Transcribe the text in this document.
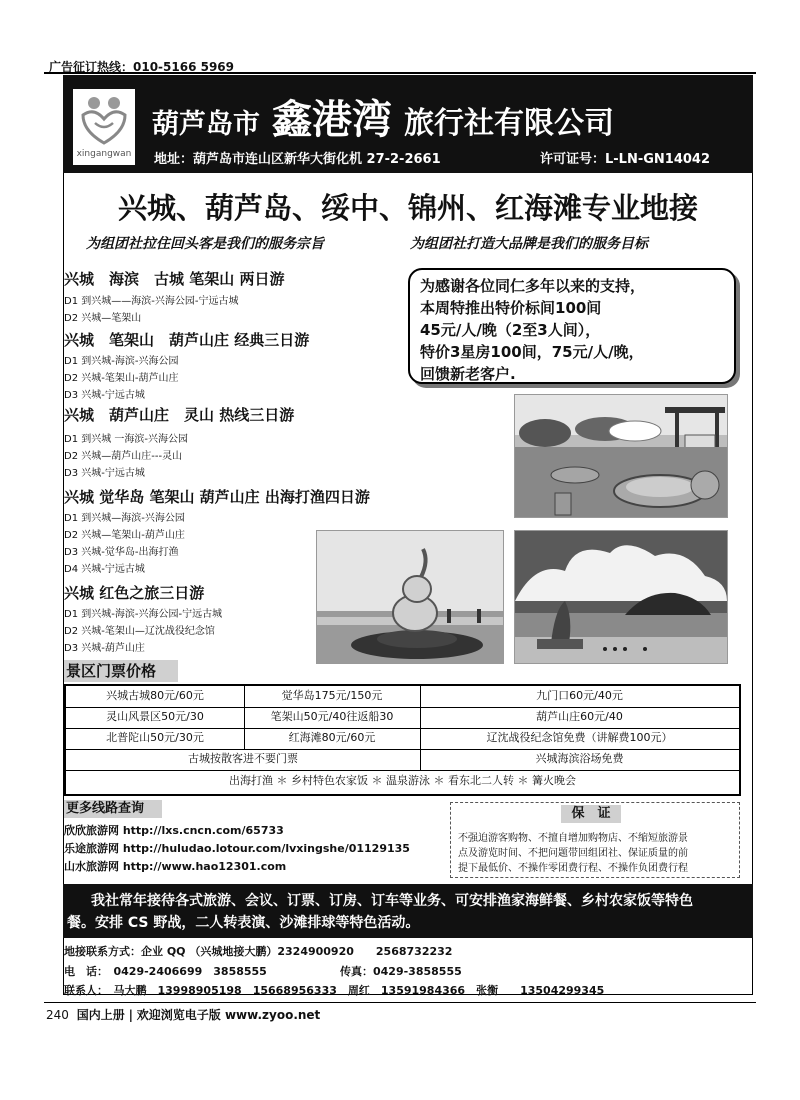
广告征订热线：010-5166 5969
xingangwan
葫芦岛市 鑫港湾 旅行社有限公司
地址：葫芦岛市连山区新华大街化机 27-2-2661	许可证号：L-LN-GN14042
兴城、葫芦岛、绥中、锦州、红海滩专业地接
为组团社拉住回头客是我们的服务宗旨	为组团社打造大品牌是我们的服务目标
兴城　海滨　古城 笔架山 两日游
D1 到兴城——海滨-兴海公园-宁远古城
D2 兴城—笔架山
兴城　笔架山　葫芦山庄 经典三日游
D1 到兴城-海滨-兴海公园
D2 兴城-笔架山-葫芦山庄
D3 兴城-宁远古城
兴城　葫芦山庄　灵山 热线三日游
D1 到兴城 一海滨-兴海公园
D2 兴城—葫芦山庄---灵山
D3 兴城-宁远古城
兴城 觉华岛 笔架山 葫芦山庄 出海打渔四日游
D1 到兴城—海滨-兴海公园
D2 兴城—笔架山-葫芦山庄
D3 兴城-觉华岛-出海打渔
D4 兴城-宁远古城
兴城 红色之旅三日游
D1 到兴城-海滨-兴海公园-宁远古城
D2 兴城-笔架山—辽沈战役纪念馆
D3 兴城-葫芦山庄
为感谢各位同仁多年以来的支持，
本周特推出特价标间100间
45元/人/晚（2至3人间），
特价3星房100间，75元/人/晚，
回馈新老客户.
景区门票价格
兴城古城80元/60元	觉华岛175元/150元	九门口60元/40元
灵山风景区50元/30	笔架山50元/40往返船30	葫芦山庄60元/40
北普陀山50元/30元	红海滩80元/60元	辽沈战役纪念馆免费（讲解费100元）
古城按散客进不要门票	兴城海滨浴场免费
出海打渔 ＊ 乡村特色农家饭 ＊ 温泉游泳 ＊ 看东北二人转 ＊ 篝火晚会
更多线路查询
欣欣旅游网 http://lxs.cncn.com/65733
乐途旅游网 http://huludao.lotour.com/lvxingshe/01129135
山水旅游网 http://www.hao12301.com
保　证
不强迫游客购物、不擅自增加购物店、不缩短旅游景
点及游览时间、不把问题带回组团社、保证质量的前
提下最低价、不操作零团费行程、不操作负团费行程
我社常年接待各式旅游、会议、订票、订房、订车等业务、可安排渔家海鲜餐、乡村农家饭等特色
餐。安排 CS 野战，二人转表演、沙滩排球等特色活动。
地接联系方式：企业 QQ （兴城地接大鹏）2324900920　　2568732232
电　话：　0429-2406699　3858555	传真：0429-3858555
联系人：　马大鹏　13998905198　15668956333　周红　13591984366　张衡　　13504299345
240 国内上册 | 欢迎浏览电子版 www.zyoo.net
